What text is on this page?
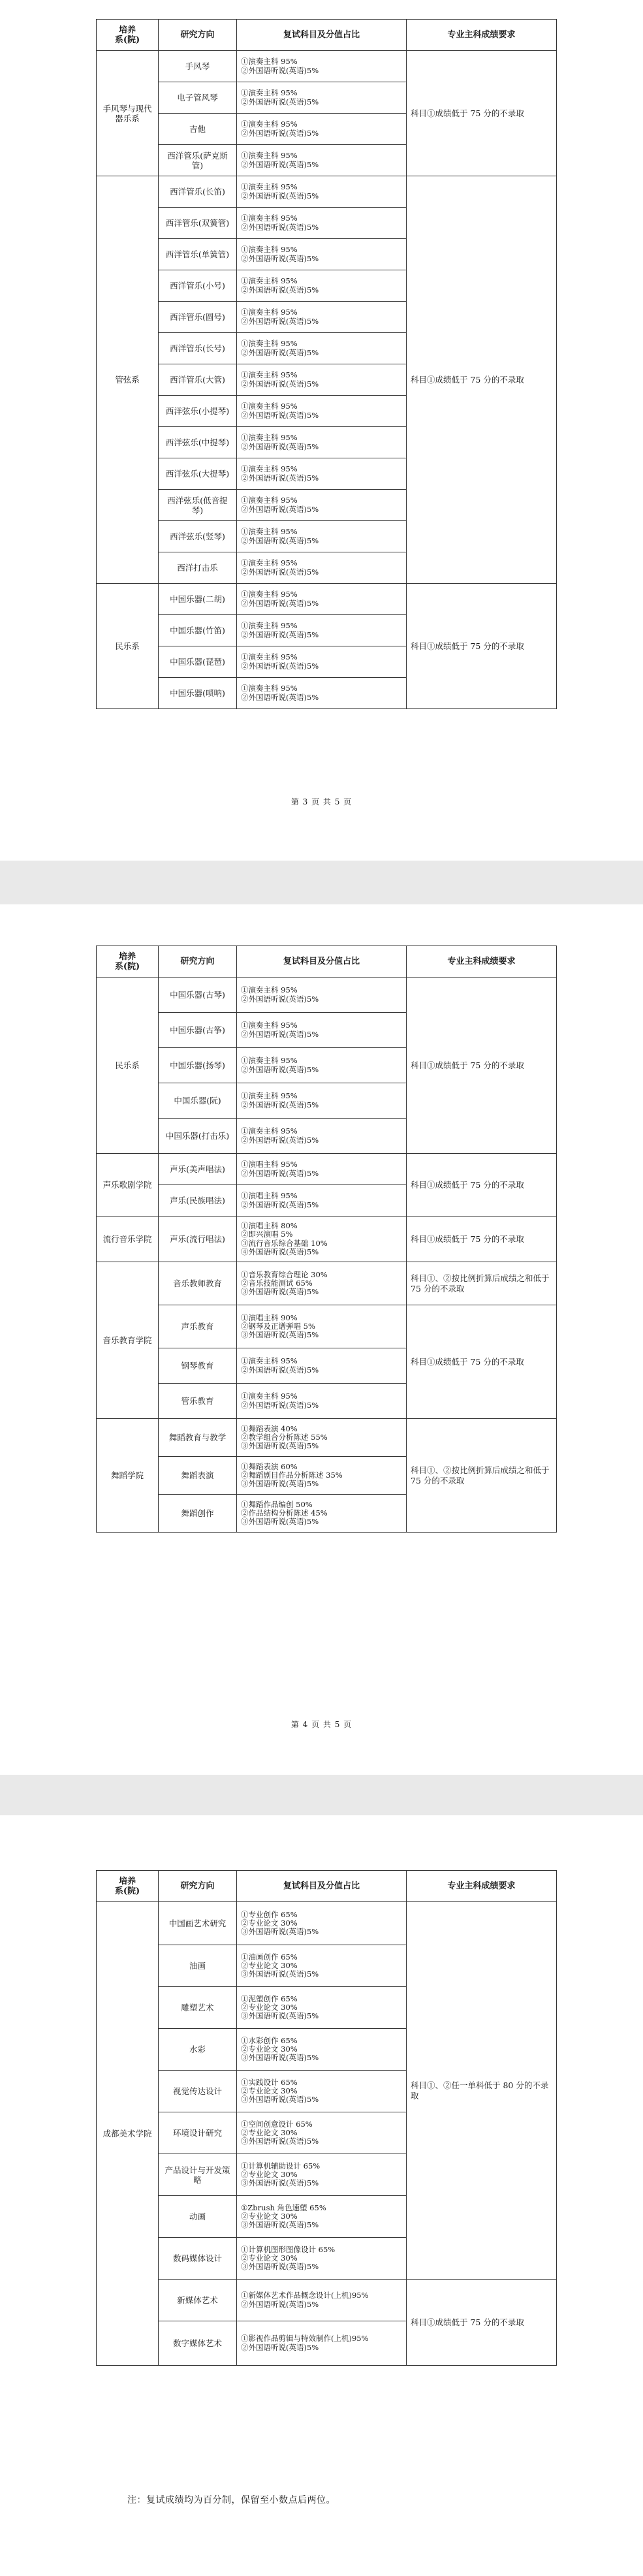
第 3 页 共 5 页
培养
系(院)	研究方向	复试科目及分值占比	专业主科成绩要求
手风琴与现代器乐系	手风琴	①演奏主科 95%
②外国语听说(英语)5%	科目①成绩低于 75 分的不录取
	电子管风琴	①演奏主科 95%
②外国语听说(英语)5%	
	吉他	①演奏主科 95%
②外国语听说(英语)5%	
	西洋管乐(萨克斯管)	①演奏主科 95%
②外国语听说(英语)5%	
管弦系	西洋管乐(长笛)	①演奏主科 95%
②外国语听说(英语)5%	科目①成绩低于 75 分的不录取
	西洋管乐(双簧管)	①演奏主科 95%
②外国语听说(英语)5%	
	西洋管乐(单簧管)	①演奏主科 95%
②外国语听说(英语)5%	
	西洋管乐(小号)	①演奏主科 95%
②外国语听说(英语)5%	
	西洋管乐(圆号)	①演奏主科 95%
②外国语听说(英语)5%	
	西洋管乐(长号)	①演奏主科 95%
②外国语听说(英语)5%	
	西洋管乐(大管)	①演奏主科 95%
②外国语听说(英语)5%	
	西洋弦乐(小提琴)	①演奏主科 95%
②外国语听说(英语)5%	
	西洋弦乐(中提琴)	①演奏主科 95%
②外国语听说(英语)5%	
	西洋弦乐(大提琴)	①演奏主科 95%
②外国语听说(英语)5%	
	西洋弦乐(低音提琴)	①演奏主科 95%
②外国语听说(英语)5%	
	西洋弦乐(竖琴)	①演奏主科 95%
②外国语听说(英语)5%	
	西洋打击乐	①演奏主科 95%
②外国语听说(英语)5%	
民乐系	中国乐器(二胡)	①演奏主科 95%
②外国语听说(英语)5%	科目①成绩低于 75 分的不录取
	中国乐器(竹笛)	①演奏主科 95%
②外国语听说(英语)5%	
	中国乐器(琵琶)	①演奏主科 95%
②外国语听说(英语)5%	
	中国乐器(唢呐)	①演奏主科 95%
②外国语听说(英语)5%	
第 4 页 共 5 页
培养
系(院)	研究方向	复试科目及分值占比	专业主科成绩要求
民乐系	中国乐器(古琴)	①演奏主科 95%
②外国语听说(英语)5%	科目①成绩低于 75 分的不录取
	中国乐器(古筝)	①演奏主科 95%
②外国语听说(英语)5%	
	中国乐器(扬琴)	①演奏主科 95%
②外国语听说(英语)5%	
	中国乐器(阮)	①演奏主科 95%
②外国语听说(英语)5%	
	中国乐器(打击乐)	①演奏主科 95%
②外国语听说(英语)5%	
声乐歌剧学院	声乐(美声唱法)	①演唱主科 95%
②外国语听说(英语)5%	科目①成绩低于 75 分的不录取
	声乐(民族唱法)	①演唱主科 95%
②外国语听说(英语)5%	
流行音乐学院	声乐(流行唱法)	①演唱主科 80%
②即兴演唱 5%
③流行音乐综合基础 10%
④外国语听说(英语)5%	科目①成绩低于 75 分的不录取
音乐教育学院	音乐教师教育	①音乐教育综合理论 30%
②音乐技能测试 65%
③外国语听说(英语)5%	科目①、②按比例折算后成绩之和低于 75 分的不录取
	声乐教育	①演唱主科 90%
②钢琴及正谱弹唱 5%
③外国语听说(英语)5%	科目①成绩低于 75 分的不录取
	钢琴教育	①演奏主科 95%
②外国语听说(英语)5%	
	管乐教育	①演奏主科 95%
②外国语听说(英语)5%	
舞蹈学院	舞蹈教育与教学	①舞蹈表演 40%
②教学组合分析陈述 55%
③外国语听说(英语)5%	科目①、②按比例折算后成绩之和低于 75 分的不录取
	舞蹈表演	①舞蹈表演 60%
②舞蹈剧目作品分析陈述 35%
③外国语听说(英语)5%	
	舞蹈创作	①舞蹈作品编创 50%
②作品结构分析陈述 45%
③外国语听说(英语)5%	
培养
系(院)	研究方向	复试科目及分值占比	专业主科成绩要求
成都美术学院	中国画艺术研究	①专业创作 65%
②专业论文 30%
③外国语听说(英语)5%	科目①、②任一单科低于 80 分的不录取
	油画	①油画创作 65%
②专业论文 30%
③外国语听说(英语)5%	
	雕塑艺术	①泥塑创作 65%
②专业论文 30%
③外国语听说(英语)5%	
	水彩	①水彩创作 65%
②专业论文 30%
③外国语听说(英语)5%	
	视觉传达设计	①实践设计 65%
②专业论文 30%
③外国语听说(英语)5%	
	环境设计研究	①空间创意设计 65%
②专业论文 30%
③外国语听说(英语)5%	
	产品设计与开发策略	①计算机辅助设计 65%
②专业论文 30%
③外国语听说(英语)5%	
	动画	①Zbrush 角色速塑 65%
②专业论文 30%
③外国语听说(英语)5%	
	数码媒体设计	①计算机图形图像设计 65%
②专业论文 30%
③外国语听说(英语)5%	
	新媒体艺术	①新媒体艺术作品概念设计(上机)95%
②外国语听说(英语)5%	科目①成绩低于 75 分的不录取
	数字媒体艺术	①影视作品剪辑与特效制作(上机)95%
②外国语听说(英语)5%	
注：复试成绩均为百分制，保留至小数点后两位。
